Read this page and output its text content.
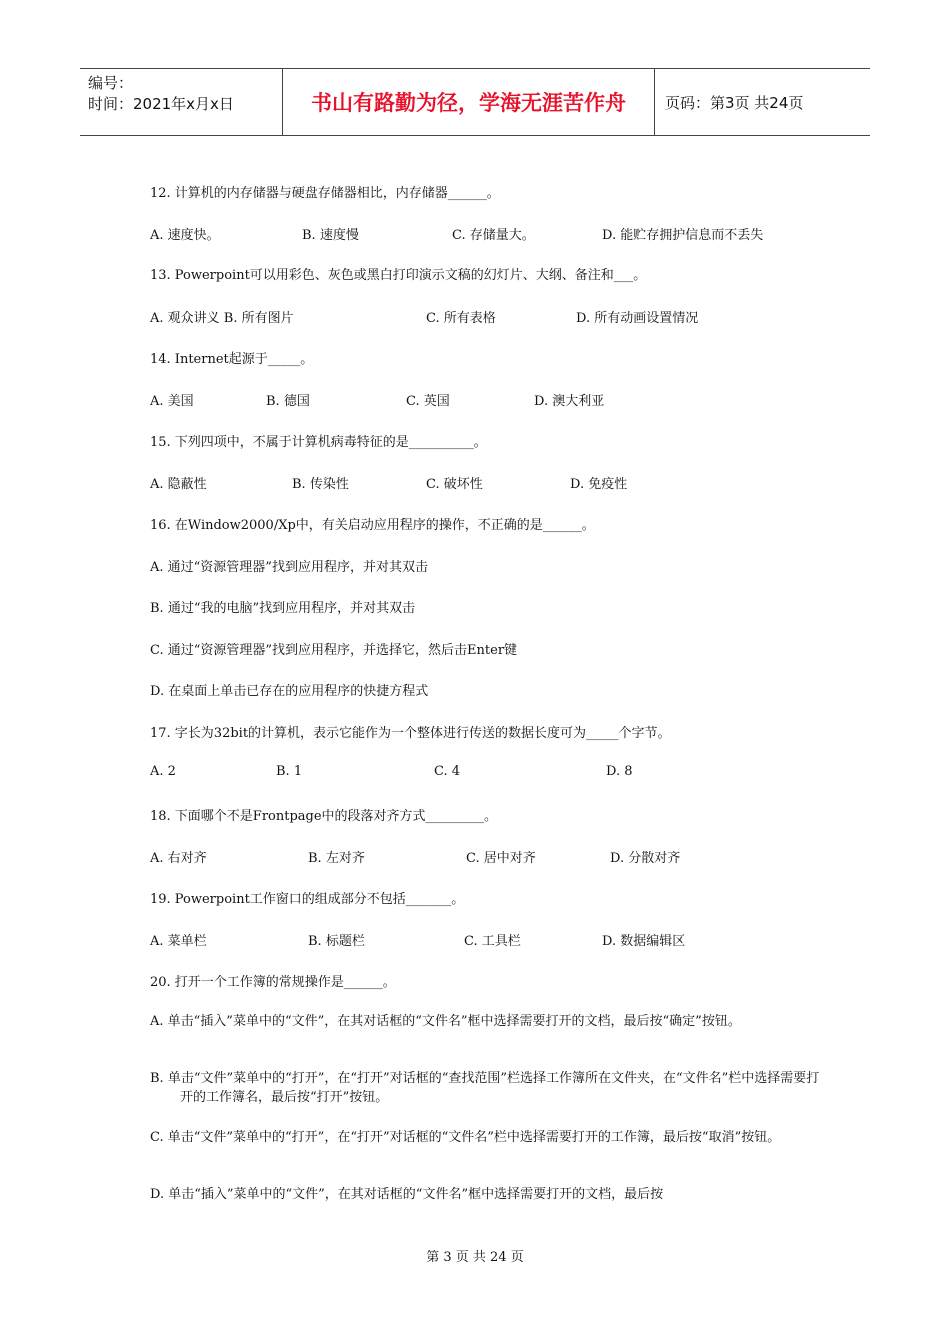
编号：
时间：2021年x月x日	书山有路勤为径，学海无涯苦作舟	页码：第3页 共24页
12. 计算机的内存储器与硬盘存储器相比，内存储器______。
A. 速度快。	B. 速度慢	C. 存储量大。	D. 能贮存拥护信息而不丢失
13. Powerpoint可以用彩色、灰色或黑白打印演示文稿的幻灯片、大纲、备注和___。
A. 观众讲义 B. 所有图片	C. 所有表格	D. 所有动画设置情况
14. Internet起源于_____。
A. 美国	B. 德国	C. 英国	D. 澳大利亚
15. 下列四项中，不属于计算机病毒特征的是__________。
A. 隐蔽性	B. 传染性	C. 破坏性	D. 免疫性
16. 在Window2000/Xp中，有关启动应用程序的操作，不正确的是______。
A. 通过“资源管理器”找到应用程序，并对其双击
B. 通过“我的电脑”找到应用程序，并对其双击
C. 通过“资源管理器”找到应用程序，并选择它，然后击Enter键
D. 在桌面上单击已存在的应用程序的快捷方程式
17. 字长为32bit的计算机，表示它能作为一个整体进行传送的数据长度可为_____个字节。
A. 2	B. 1	C. 4	D. 8
18. 下面哪个不是Frontpage中的段落对齐方式_________。
A. 右对齐	B. 左对齐	C. 居中对齐	D. 分散对齐
19. Powerpoint工作窗口的组成部分不包括_______。
A. 菜单栏	B. 标题栏	C. 工具栏	D. 数据编辑区
20. 打开一个工作簿的常规操作是______。
A. 单击“插入”菜单中的“文件”，在其对话框的“文件名”框中选择需要打开的文档，最后按“确定”按钮。
B. 单击“文件”菜单中的“打开”，在“打开”对话框的“查找范围”栏选择工作簿所在文件夹，在“文件名”栏中选择需要打开的工作簿名，最后按“打开”按钮。
C. 单击“文件”菜单中的“打开”，在“打开”对话框的“文件名”栏中选择需要打开的工作簿，最后按“取消”按钮。
D. 单击“插入”菜单中的“文件”，在其对话框的“文件名”框中选择需要打开的文档，最后按
第 3 页 共 24 页
